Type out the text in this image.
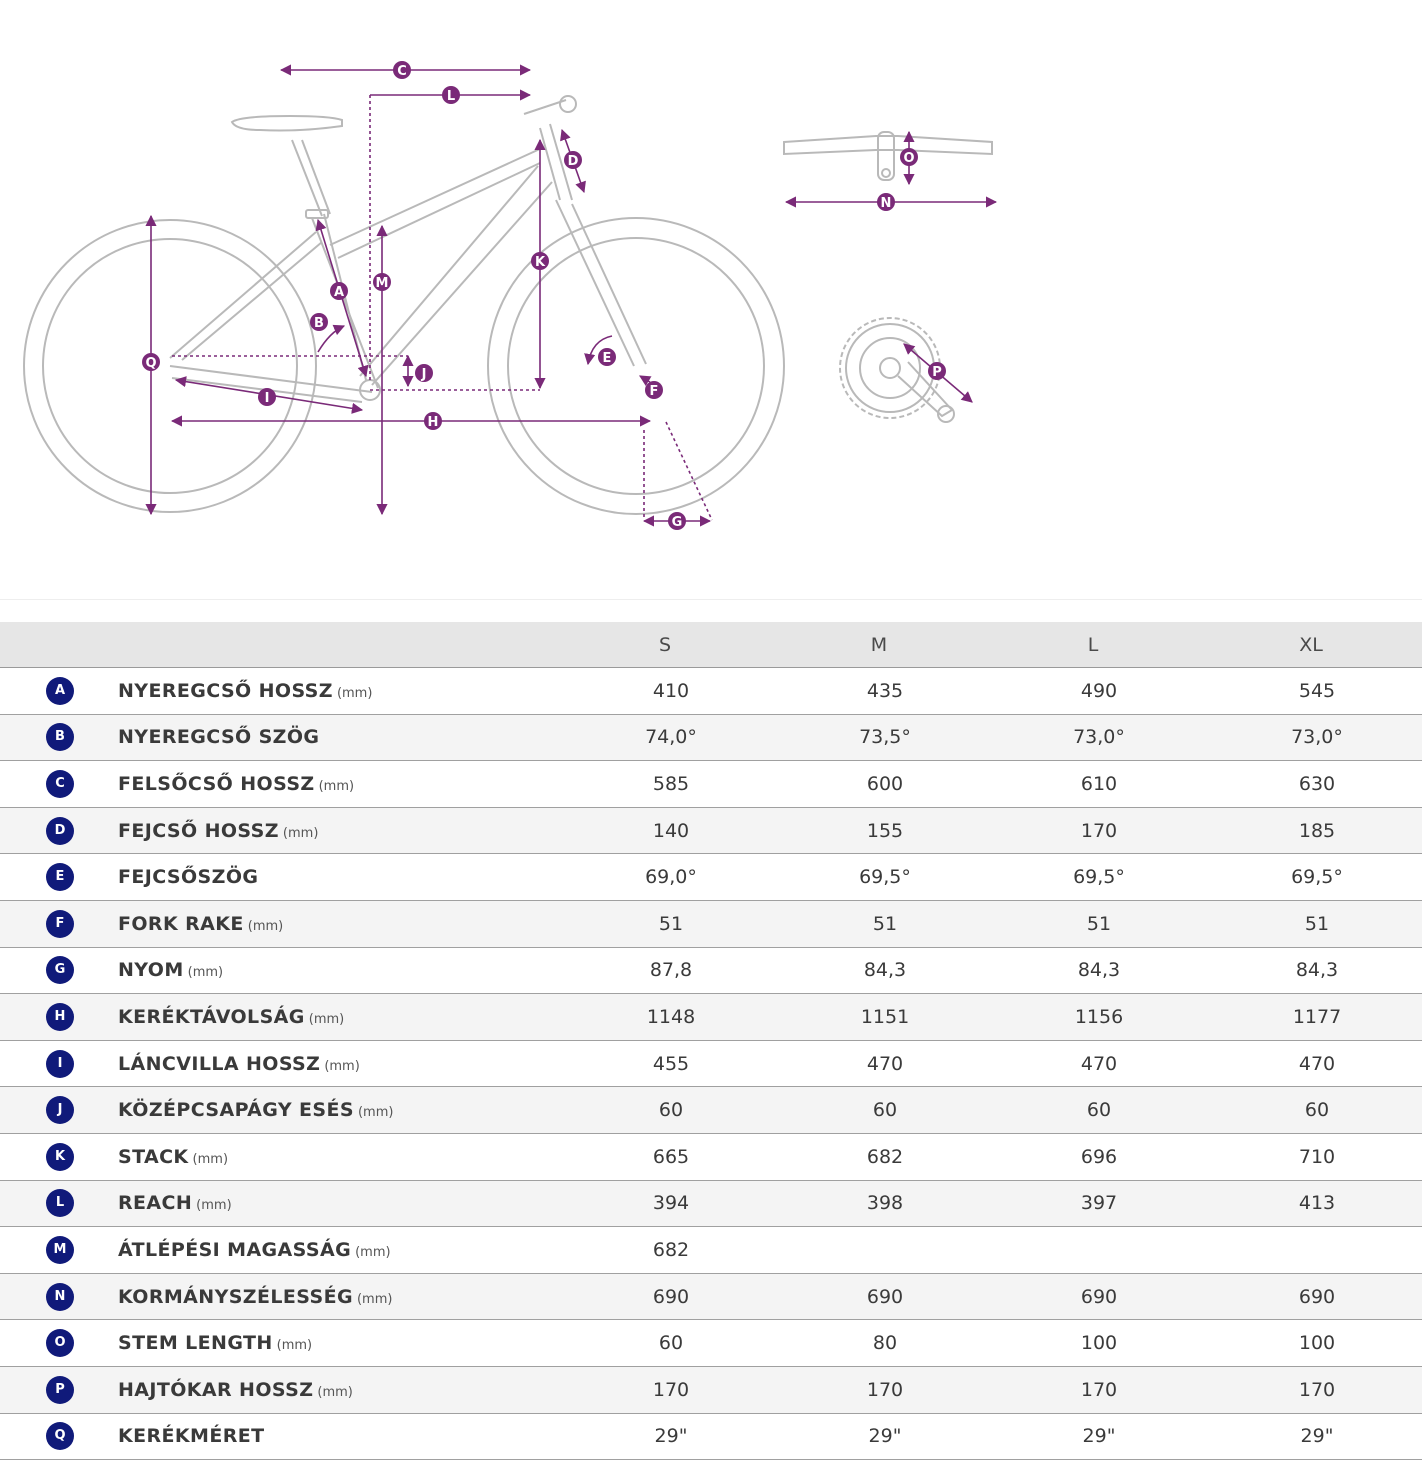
C
L
D
K
M
A
B
Q
J
I
H
E
F
G
O
N
P
		S	M	L	XL
A	NYEREGCSŐ HOSSZ (mm)	410	435	490	545
B	NYEREGCSŐ SZÖG	74,0°	73,5°	73,0°	73,0°
C	FELSŐCSŐ HOSSZ (mm)	585	600	610	630
D	FEJCSŐ HOSSZ (mm)	140	155	170	185
E	FEJCSŐSZÖG	69,0°	69,5°	69,5°	69,5°
F	FORK RAKE (mm)	51	51	51	51
G	NYOM (mm)	87,8	84,3	84,3	84,3
H	KERÉKTÁVOLSÁG (mm)	1148	1151	1156	1177
I	LÁNCVILLA HOSSZ (mm)	455	470	470	470
J	KÖZÉPCSAPÁGY ESÉS (mm)	60	60	60	60
K	STACK (mm)	665	682	696	710
L	REACH (mm)	394	398	397	413
M	ÁTLÉPÉSI MAGASSÁG (mm)	682			
N	KORMÁNYSZÉLESSÉG (mm)	690	690	690	690
O	STEM LENGTH (mm)	60	80	100	100
P	HAJTÓKAR HOSSZ (mm)	170	170	170	170
Q	KERÉKMÉRET	29"	29"	29"	29"
